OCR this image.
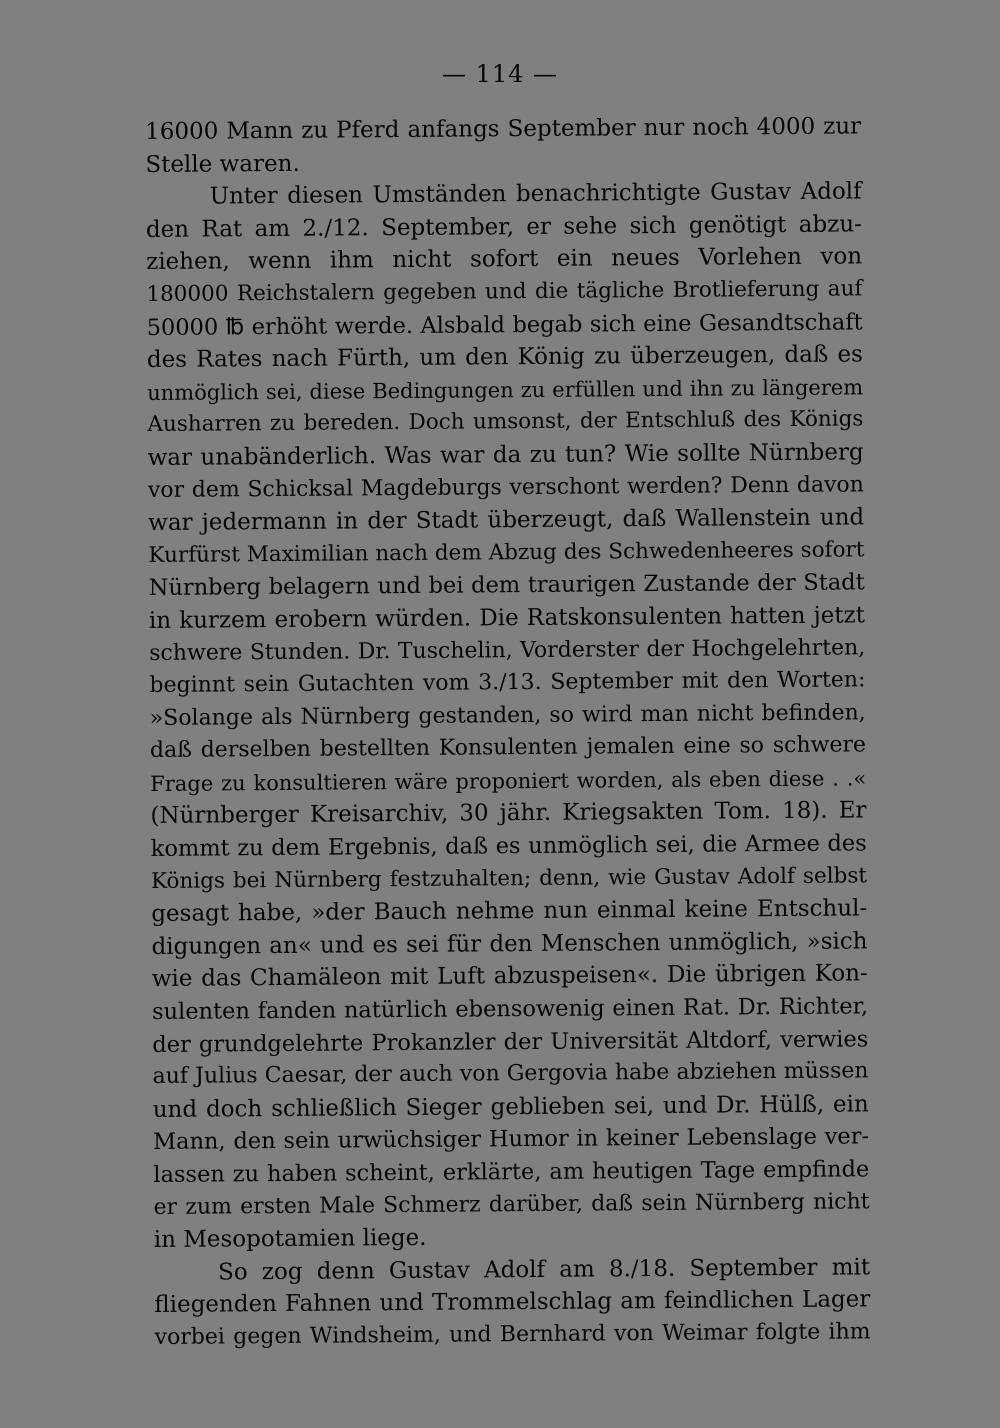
— 114 —
16000 Mann zu Pferd anfangs September nur noch 4000 zur
Stelle waren.
Unter diesen Umständen benachrichtigte Gustav Adolf
den Rat am 2./12. September, er sehe sich genötigt abzu-
ziehen, wenn ihm nicht sofort ein neues Vorlehen von
180000 Reichstalern gegeben und die tägliche Brotlieferung auf
50000 ℔ erhöht werde. Alsbald begab sich eine Gesandtschaft
des Rates nach Fürth, um den König zu überzeugen, daß es
unmöglich sei, diese Bedingungen zu erfüllen und ihn zu längerem
Ausharren zu bereden. Doch umsonst, der Entschluß des Königs
war unabänderlich. Was war da zu tun? Wie sollte Nürnberg
vor dem Schicksal Magdeburgs verschont werden? Denn davon
war jedermann in der Stadt überzeugt, daß Wallenstein und
Kurfürst Maximilian nach dem Abzug des Schwedenheeres sofort
Nürnberg belagern und bei dem traurigen Zustande der Stadt
in kurzem erobern würden. Die Ratskonsulenten hatten jetzt
schwere Stunden. Dr. Tuschelin, Vorderster der Hochgelehrten,
beginnt sein Gutachten vom 3./13. September mit den Worten:
»Solange als Nürnberg gestanden, so wird man nicht befinden,
daß derselben bestellten Konsulenten jemalen eine so schwere
Frage zu konsultieren wäre proponiert worden, als eben diese . .«
(Nürnberger Kreisarchiv, 30 jähr. Kriegsakten Tom. 18). Er
kommt zu dem Ergebnis, daß es unmöglich sei, die Armee des
Königs bei Nürnberg festzuhalten; denn, wie Gustav Adolf selbst
gesagt habe, »der Bauch nehme nun einmal keine Entschul-
digungen an« und es sei für den Menschen unmöglich, »sich
wie das Chamäleon mit Luft abzuspeisen«. Die übrigen Kon-
sulenten fanden natürlich ebensowenig einen Rat. Dr. Richter,
der grundgelehrte Prokanzler der Universität Altdorf, verwies
auf Julius Caesar, der auch von Gergovia habe abziehen müssen
und doch schließlich Sieger geblieben sei, und Dr. Hülß, ein
Mann, den sein urwüchsiger Humor in keiner Lebenslage ver-
lassen zu haben scheint, erklärte, am heutigen Tage empfinde
er zum ersten Male Schmerz darüber, daß sein Nürnberg nicht
in Mesopotamien liege.
So zog denn Gustav Adolf am 8./18. September mit
fliegenden Fahnen und Trommelschlag am feindlichen Lager
vorbei gegen Windsheim, und Bernhard von Weimar folgte ihm
